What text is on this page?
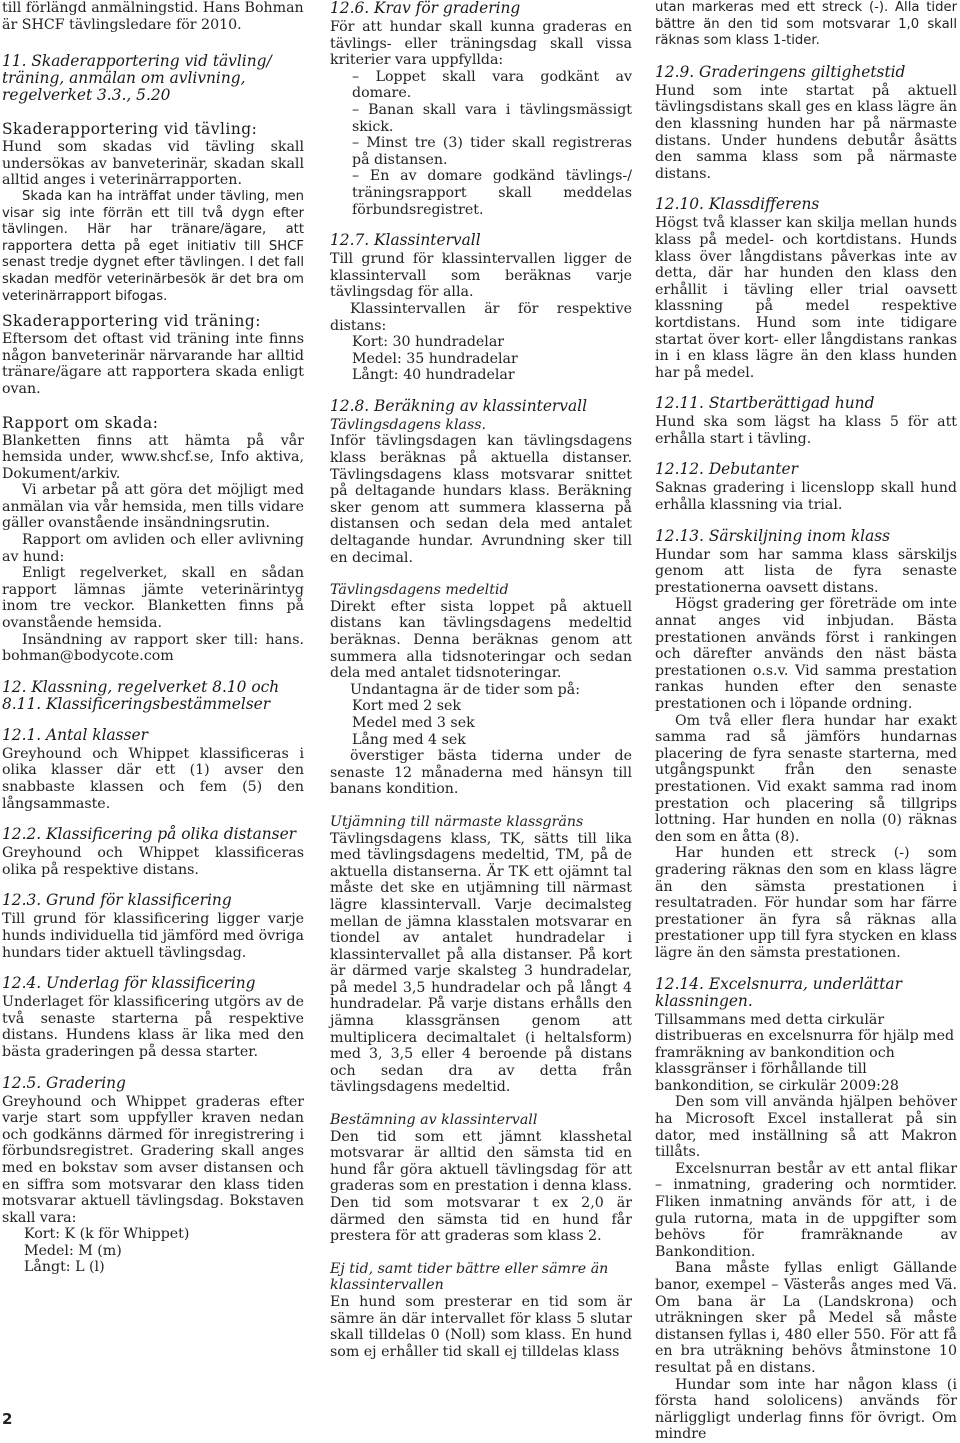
till förlängd anmälningstid. Hans Bohman är SHCF tävlingsledare för 2010.

11. Skaderapportering vid tävling/ träning, anmälan om avlivning, regelverket 3.3., 5.20
Skaderapportering vid tävling:

Hund som skadas vid tävling skall undersökas av banveterinär, skadan skall alltid anges i veterinärrapporten.

Skada kan ha inträffat under tävling, men visar sig inte förrän ett till två dygn efter tävlingen. Här har tränare/ägare, att rapportera detta på eget initiativ till SHCF senast tredje dygnet efter tävlingen. I det fall skadan medför veterinärbesök är det bra om veterinärrapport bifogas.

Skaderapportering vid träning:

Eftersom det oftast vid träning inte finns någon banveterinär närvarande har alltid tränare/ägare att rapportera skada enligt ovan.

Rapport om skada:

Blanketten finns att hämta på vår hemsida under, www.shcf.se, Info aktiva, Dokument/arkiv.

Vi arbetar på att göra det möjligt med anmälan via vår hemsida, men tills vidare gäller ovanstående insändningsrutin.

Rapport om avliden och eller avlivning av hund:

Enligt regelverket, skall en sådan rapport lämnas jämte veterinärintyg inom tre veckor. Blanketten finns på ovanstående hemsida.

Insändning av rapport sker till: hans. bohman@bodycote.com

12. Klassning, regelverket 8.10 och 8.11. Klassificeringsbestämmelser
12.1. Antal klasser

Greyhound och Whippet klassificeras i olika klasser där ett (1) avser den snabbaste klassen och fem (5) den långsammaste.

12.2. Klassificering på olika distanser

Greyhound och Whippet klassificeras olika på respektive distans.

12.3. Grund för klassificering

Till grund för klassificering ligger varje hunds individuella tid jämförd med övriga hundars tider aktuell tävlingsdag.

12.4. Underlag för klassificering

Underlaget för klassificering utgörs av de två senaste starterna på respektive distans. Hundens klass är lika med den bästa graderingen på dessa starter.

12.5. Gradering

Greyhound och Whippet graderas efter varje start som uppfyller kraven nedan och godkänns därmed för inregistrering i förbundsregistret. Gradering skall anges med en bokstav som avser distansen och en siffra som motsvarar den klass tiden motsvarar aktuell tävlingsdag. Bokstaven skall vara:

Kort: K (k för Whippet)
Medel: M (m)
Långt: L (l)
12.6. Krav för gradering

För att hundar skall kunna graderas en tävlings- eller träningsdag skall vissa kriterier vara uppfyllda:

– Loppet skall vara godkänt av domare.

– Banan skall vara i tävlingsmässigt skick.

– Minst tre (3) tider skall registreras på distansen.

– En av domare godkänd tävlings-/ träningsrapport skall meddelas förbundsregistret.

12.7. Klassintervall

Till grund för klassintervallen ligger de klassintervall som beräknas varje tävlingsdag för alla.

Klassintervallen är för respektive distans:

Kort: 30 hundradelar
Medel: 35 hundradelar
Långt: 40 hundradelar
12.8. Beräkning av klassintervall
Tävlingsdagens klass.

Inför tävlingsdagen kan tävlingsdagens klass beräknas på aktuella distanser. Tävlingsdagens klass motsvarar snittet på deltagande hundars klass. Beräkning sker genom att summera klasserna på distansen och sedan dela med antalet deltagande hundar. Avrundning sker till en decimal.

Tävlingsdagens medeltid

Direkt efter sista loppet på aktuell distans kan tävlingsdagens medeltid beräknas. Denna beräknas genom att summera alla tidsnoteringar och sedan dela med antalet tidsnoteringar.

Undantagna är de tider som på:

Kort med 2 sek
Medel med 3 sek
Lång med 4 sek

överstiger bästa tiderna under de senaste 12 månaderna med hänsyn till banans kondition.

Utjämning till närmaste klassgräns

Tävlingsdagens klass, TK, sätts till lika med tävlingsdagens medeltid, TM, på de aktuella distanserna. Är TK ett ojämnt tal måste det ske en utjämning till närmast lägre klassintervall. Varje decimalsteg mellan de jämna klasstalen motsvarar en tiondel av antalet hundradelar i klassintervallet på alla distanser. På kort är därmed varje skalsteg 3 hundradelar, på medel 3,5 hundradelar och på långt 4 hundradelar. På varje distans erhålls den jämna klassgränsen genom att multiplicera decimaltalet (i heltalsform) med 3, 3,5 eller 4 beroende på distans och sedan dra av detta från tävlingsdagens medeltid.

Bestämning av klassintervall

Den tid som ett jämnt klasshetal motsvarar är alltid den sämsta tid en hund får göra aktuell tävlingsdag för att graderas som en prestation i denna klass. Den tid som motsvarar t ex 2,0 är därmed den sämsta tid en hund får prestera för att graderas som klass 2.

Ej tid, samt tider bättre eller sämre än klassintervallen

En hund som presterar en tid som är sämre än där intervallet för klass 5 slutar skall tilldelas 0 (Noll) som klass. En hund som ej erhåller tid skall ej tilldelas klass

utan markeras med ett streck (-). Alla tider bättre än den tid som motsvarar 1,0 skall räknas som klass 1-tider.

12.9. Graderingens giltighetstid

Hund som inte startat på aktuell tävlingsdistans skall ges en klass lägre än den klassning hunden har på närmaste distans. Under hundens debutår åsätts den samma klass som på närmaste distans.

12.10. Klassdifferens

Högst två klasser kan skilja mellan hunds klass på medel- och kortdistans. Hunds klass över långdistans påverkas inte av detta, där har hunden den klass den erhållit i tävling eller trial oavsett klassning på medel respektive kortdistans. Hund som inte tidigare startat över kort- eller långdistans rankas in i en klass lägre än den klass hunden har på medel.

12.11. Startberättigad hund

Hund ska som lägst ha klass 5 för att erhålla start i tävling.

12.12. Debutanter

Saknas gradering i licenslopp skall hund erhålla klassning via trial.

12.13. Särskiljning inom klass

Hundar som har samma klass särskiljs genom att lista de fyra senaste prestationerna oavsett distans.

Högst gradering ger företräde om inte annat anges vid inbjudan. Bästa prestationen används först i rankingen och därefter används den näst bästa prestationen o.s.v. Vid samma prestation rankas hunden efter den senaste prestationen och i löpande ordning.

Om två eller flera hundar har exakt samma rad så jämförs hundarnas placering de fyra senaste starterna, med utgångspunkt från den senaste prestationen. Vid exakt samma rad inom prestation och placering så tillgrips lottning. Har hunden en nolla (0) räknas den som en åtta (8).

Har hunden ett streck (-) som gradering räknas den som en klass lägre än den sämsta prestationen i resultatraden. För hundar som har färre prestationer än fyra så räknas alla prestationer upp till fyra stycken en klass lägre än den sämsta prestationen.

12.14. Excelsnurra, underlättar klassningen.

Tillsammans med detta cirkulär distribueras en excelsnurra för hjälp med framräkning av bankondition och klassgränser i förhållande till bankondition, se cirkulär 2009:28

Den som vill använda hjälpen behöver ha Microsoft Excel installerat på sin dator, med inställning så att Makron tillåts.

Excelsnurran består av ett antal flikar – inmatning, gradering och normtider. Fliken inmatning används för att, i de gula rutorna, mata in de uppgifter som behövs för framräknande av Bankondition.

Bana måste fyllas enligt Gällande banor, exempel – Västerås anges med Vä. Om bana är La (Landskrona) och uträkningen sker på Medel så måste distansen fyllas i, 480 eller 550. För att få en bra uträkning behövs åtminstone 10 resultat på en distans.

Hundar som inte har någon klass (i första hand sololicens) används för närliggligt underlag finns för övrigt. Om mindre

2
